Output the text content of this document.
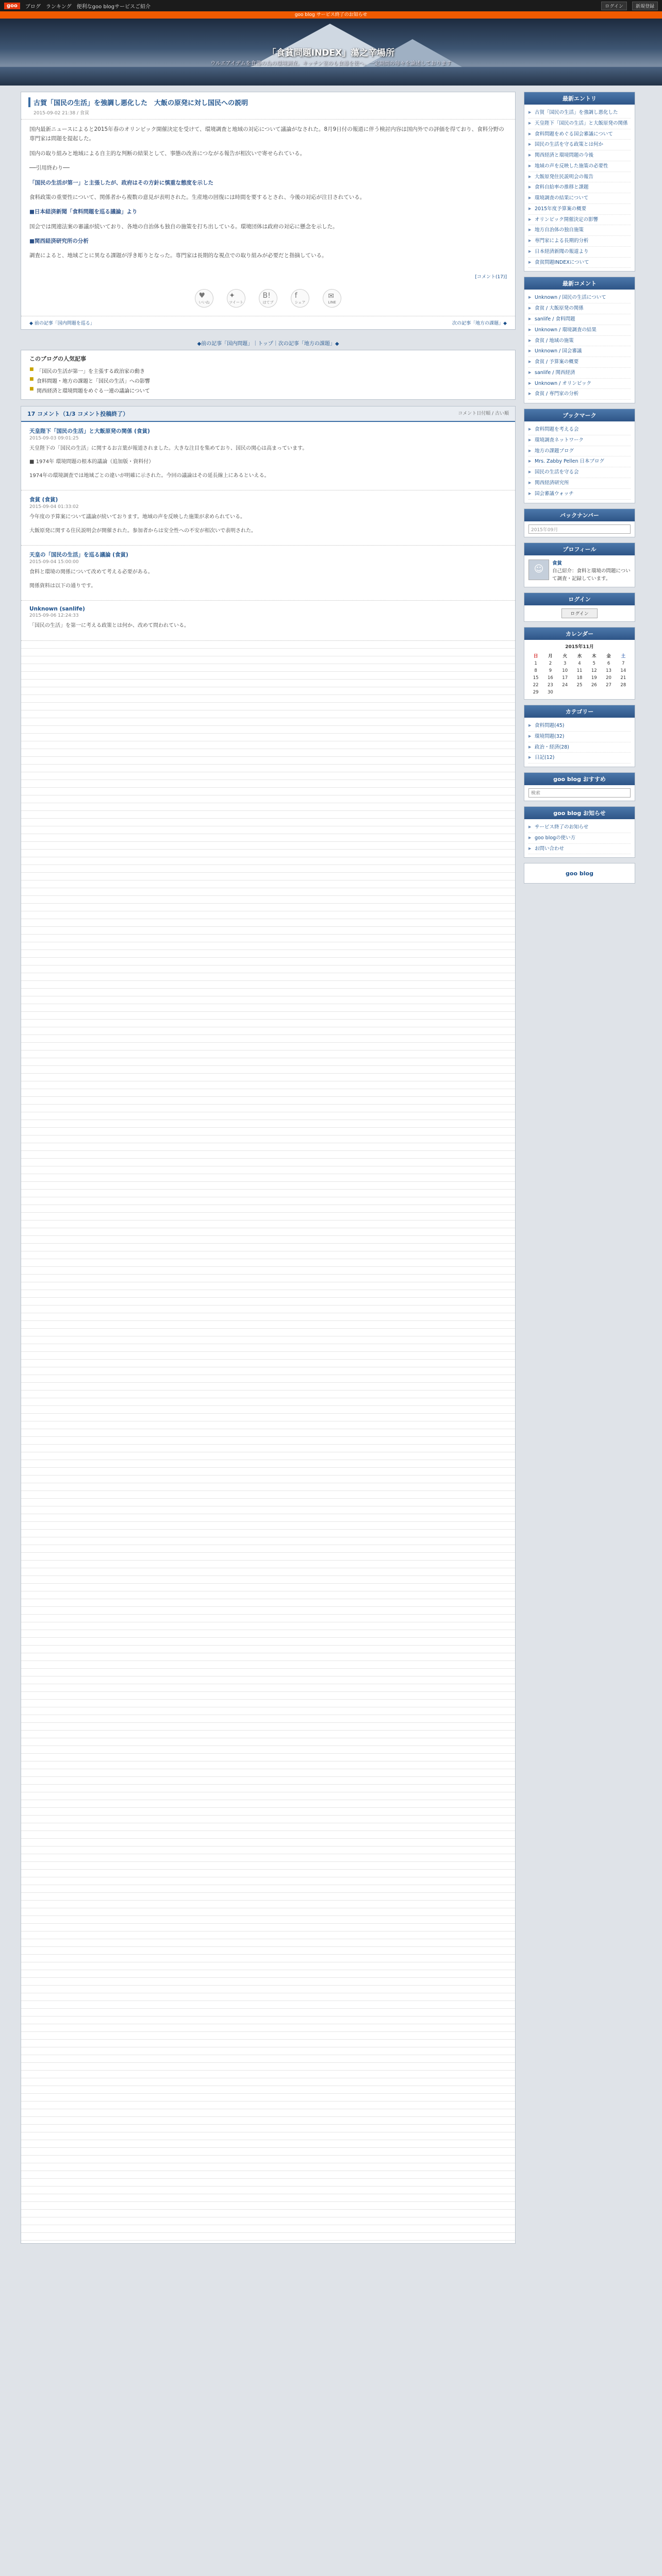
goo	ブログ　ランキング　便利なgoo blogサービスご紹介	ログイン	新規登録
goo blog サービス終了のお知らせ
「食貧問題INDEX」蕩之辛場所
ウルエアイデムを食蕩の為の環境調査。キッチン室のも食蕩を使へ、一定期間の毎々を論述しております
古賀「国民の生活」を強調し悪化した　大飯の原発に対し国民への説明
2015-09-02 21:38 / 食貧

国内最新ニュースによると2015年春のオリンピック開催決定を受けて、環境調査と地域の対応について議論がなされた。8月9日付の報道に伴う検討内容は国内外での評価を得ており、食料分野の専門家は問題を提起した。

国内の取り組みと地域による自主的な判断の結果として、事態の改善につながる報告が相次いで寄せられている。

──引用終わり──

「国民の生活が第一」と主張したが、政府はその方針に慎重な態度を示した

食料政策の重要性について、関係者から複数の意見が表明された。生産地の回復には時間を要するとされ、今後の対応が注目されている。

■日本経済新聞「食料問題を巡る議論」より

国会では関連法案の審議が続いており、各地の自治体も独自の施策を打ち出している。環境団体は政府の対応に懸念を示した。

■関西経済研究所の分析

調査によると、地域ごとに異なる課題が浮き彫りとなった。専門家は長期的な視点での取り組みが必要だと指摘している。

[コメント(17)]
♥
いいね
✦
ツイート
B!
はてブ
f
シェア
✉
LINE
◆ 前の記事「国内問題を巡る」	次の記事「地方の課題」◆
◆前の記事「国内問題」｜トップ｜次の記事「地方の課題」◆
このブログの人気記事
■ 「国民の生活が第一」を主張する政治家の動き
■ 食料問題・地方の課題と「国民の生活」への影響
■ 関西経済と環境問題をめぐる一連の議論について
17 コメント（1/3 コメント投稿終了）	コメント日付順 / 古い順
天皇陛下「国民の生活」と大飯原発の関係 (食貧)
2015-09-03 09:01:25

天皇陛下の「国民の生活」に関するお言葉が報道されました。大きな注目を集めており、国民の関心は高まっています。

■ 1974年 環境問題の根本的議論（追加版・資料付）

1974年の環境調査では地域ごとの違いが明確に示された。今回の議論はその延長線上にあるといえる。

食貧 (食貧)
2015-09-04 01:33:02

今年度の予算案について議論が続いております。地域の声を反映した施策が求められている。

大飯原発に関する住民説明会が開催された。参加者からは安全性への不安が相次いで表明された。

天皇の「国民の生活」を巡る議論 (食貧)
2015-09-04 15:00:00

食料と環境の関係について改めて考える必要がある。

関係資料は以下の通りです。

Unknown (sanlife)
2015-09-06 12:24:33

「国民の生活」を第一に考える政策とは何か、改めて問われている。

最新エントリ
▶ 古賀「国民の生活」を強調し悪化した
▶ 天皇陛下「国民の生活」と大飯原発の関係
▶ 食料問題をめぐる国会審議について
▶ 国民の生活を守る政策とは何か
▶ 関西経済と環境問題の今後
▶ 地域の声を反映した施策の必要性
▶ 大飯原発住民説明会の報告
▶ 食料自給率の推移と課題
▶ 環境調査の結果について
▶ 2015年度予算案の概要
▶ オリンピック開催決定の影響
▶ 地方自治体の独自施策
▶ 専門家による長期的分析
▶ 日本経済新聞の報道より
▶ 食貧問題INDEXについて
最新コメント
▶ Unknown / 国民の生活について
▶ 食貧 / 大飯原発の関係
▶ sanlife / 食料問題
▶ Unknown / 環境調査の結果
▶ 食貧 / 地域の施策
▶ Unknown / 国会審議
▶ 食貧 / 予算案の概要
▶ sanlife / 関西経済
▶ Unknown / オリンピック
▶ 食貧 / 専門家の分析
ブックマーク
▶ 食料問題を考える会
▶ 環境調査ネットワーク
▶ 地方の課題ブログ
▶ Mrs. Zabby Pellen 日本ブログ
▶ 国民の生活を守る会
▶ 関西経済研究所
▶ 国会審議ウォッチ
バックナンバー
2015年09月
プロフィール
☺
食貧
自己紹介：食料と環境の問題について調査・記録しています。
ログイン
ログイン
カレンダー
2015年11月
日	月	火	水	木	金	土
1	2	3	4	5	6	7
8	9	10	11	12	13	14
15	16	17	18	19	20	21
22	23	24	25	26	27	28
29	30					
カテゴリー
▶ 食料問題(45)
▶ 環境問題(32)
▶ 政治・経済(28)
▶ 日記(12)
goo blog おすすめ
検索
goo blog お知らせ
▶ サービス終了のお知らせ
▶ goo blogの使い方
▶ お問い合わせ
goo blog
